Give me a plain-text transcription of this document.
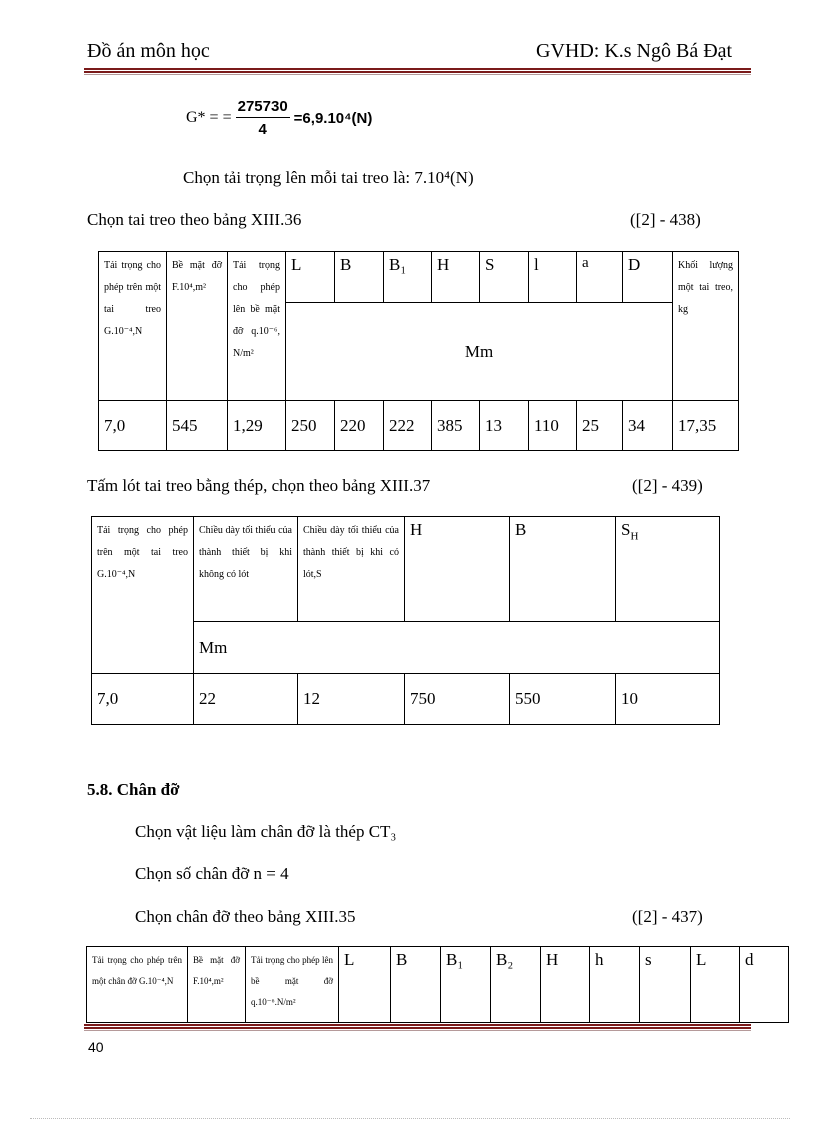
Đồ án môn học	GVHD: K.s Ngô Bá Đạt
G* = = $\frac{275730}{4} =6,9.10^4(N)$
Chọn tải trọng lên mỗi tai treo là: 7.10⁴(N)
Chọn tai treo theo bảng XIII.36	([2] - 438)
Tải trọng cho phép trên một tai treo G.10⁻⁴,N	Bề mặt đỡ F.10⁴,m²	Tải trọng cho phép lên bề mặt đỡ q.10⁻⁶, N/m²	L	B	B₁	H	S	l	a	D	Khối lượng một tai treo, kg
			Mm								
7,0	545	1,29	250	220	222	385	13	110	25	34	17,35
Tấm lót tai treo bằng thép, chọn theo bảng XIII.37	([2] - 439)
Tải trọng cho phép trên một tai treo G.10⁻⁴,N	Chiều dày tối thiểu của thành thiết bị khi không có lót	Chiều dày tối thiểu của thành thiết bị khi có lót,S	H	B	$S_H$
	Mm				
7,0	22	12	750	550	10
5.8. Chân đỡ
Chọn vật liệu làm chân đỡ là thép CT₃
Chọn số chân đỡ n = 4
Chọn chân đỡ theo bảng XIII.35	([2] - 437)
Tải trọng cho phép trên một chân đỡ G.10⁻⁴,N	Bề mặt đỡ F.10⁴,m²	Tải trọng cho phép lên bề mặt đỡ q.10⁻⁶.N/m²	L	B	B₁	B₂	H	h	s	L	d
40
